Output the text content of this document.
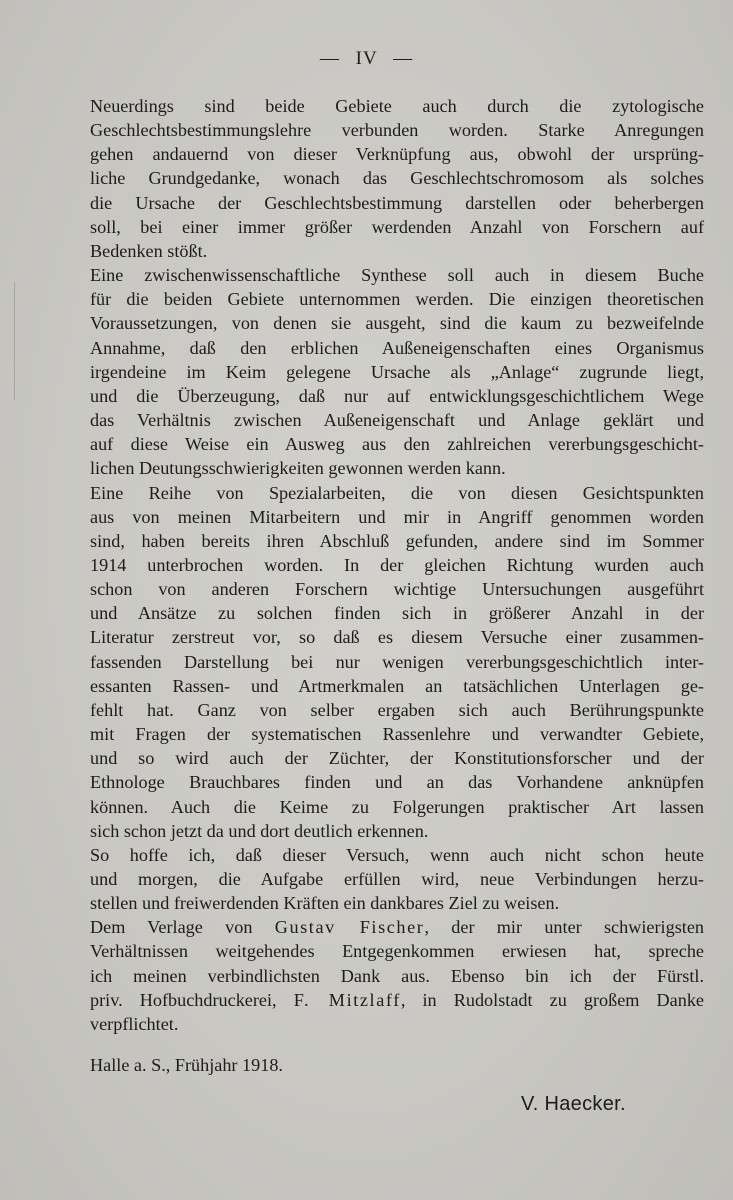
— IV —

Neuerdings sind beide Gebiete auch durch die zytologische
Geschlechtsbestimmungslehre verbunden worden. Starke Anregungen
gehen andauernd von dieser Verknüpfung aus, obwohl der ursprüng-
liche Grundgedanke, wonach das Geschlechtschromosom als solches
die Ursache der Geschlechtsbestimmung darstellen oder beherbergen
soll, bei einer immer größer werdenden Anzahl von Forschern auf
Bedenken stößt.

Eine zwischenwissenschaftliche Synthese soll auch in diesem Buche
für die beiden Gebiete unternommen werden. Die einzigen theoretischen
Voraussetzungen, von denen sie ausgeht, sind die kaum zu bezweifelnde
Annahme, daß den erblichen Außeneigenschaften eines Organismus
irgendeine im Keim gelegene Ursache als „Anlage“ zugrunde liegt,
und die Überzeugung, daß nur auf entwicklungsgeschichtlichem Wege
das Verhältnis zwischen Außeneigenschaft und Anlage geklärt und
auf diese Weise ein Ausweg aus den zahlreichen vererbungsgeschicht-
lichen Deutungsschwierigkeiten gewonnen werden kann.

Eine Reihe von Spezialarbeiten, die von diesen Gesichtspunkten
aus von meinen Mitarbeitern und mir in Angriff genommen worden
sind, haben bereits ihren Abschluß gefunden, andere sind im Sommer
1914 unterbrochen worden. In der gleichen Richtung wurden auch
schon von anderen Forschern wichtige Untersuchungen ausgeführt
und Ansätze zu solchen finden sich in größerer Anzahl in der
Literatur zerstreut vor, so daß es diesem Versuche einer zusammen-
fassenden Darstellung bei nur wenigen vererbungsgeschichtlich inter-
essanten Rassen- und Artmerkmalen an tatsächlichen Unterlagen ge-
fehlt hat. Ganz von selber ergaben sich auch Berührungspunkte
mit Fragen der systematischen Rassenlehre und verwandter Gebiete,
und so wird auch der Züchter, der Konstitutionsforscher und der
Ethnologe Brauchbares finden und an das Vorhandene anknüpfen
können. Auch die Keime zu Folgerungen praktischer Art lassen
sich schon jetzt da und dort deutlich erkennen.

So hoffe ich, daß dieser Versuch, wenn auch nicht schon heute
und morgen, die Aufgabe erfüllen wird, neue Verbindungen herzu-
stellen und freiwerdenden Kräften ein dankbares Ziel zu weisen.

Dem Verlage von Gustav Fischer, der mir unter schwierigsten
Verhältnissen weitgehendes Entgegenkommen erwiesen hat, spreche
ich meinen verbindlichsten Dank aus. Ebenso bin ich der Fürstl.
priv. Hofbuchdruckerei, F. Mitzlaff, in Rudolstadt zu großem Danke
verpflichtet.

Halle a. S., Frühjahr 1918.
V. Haecker.
